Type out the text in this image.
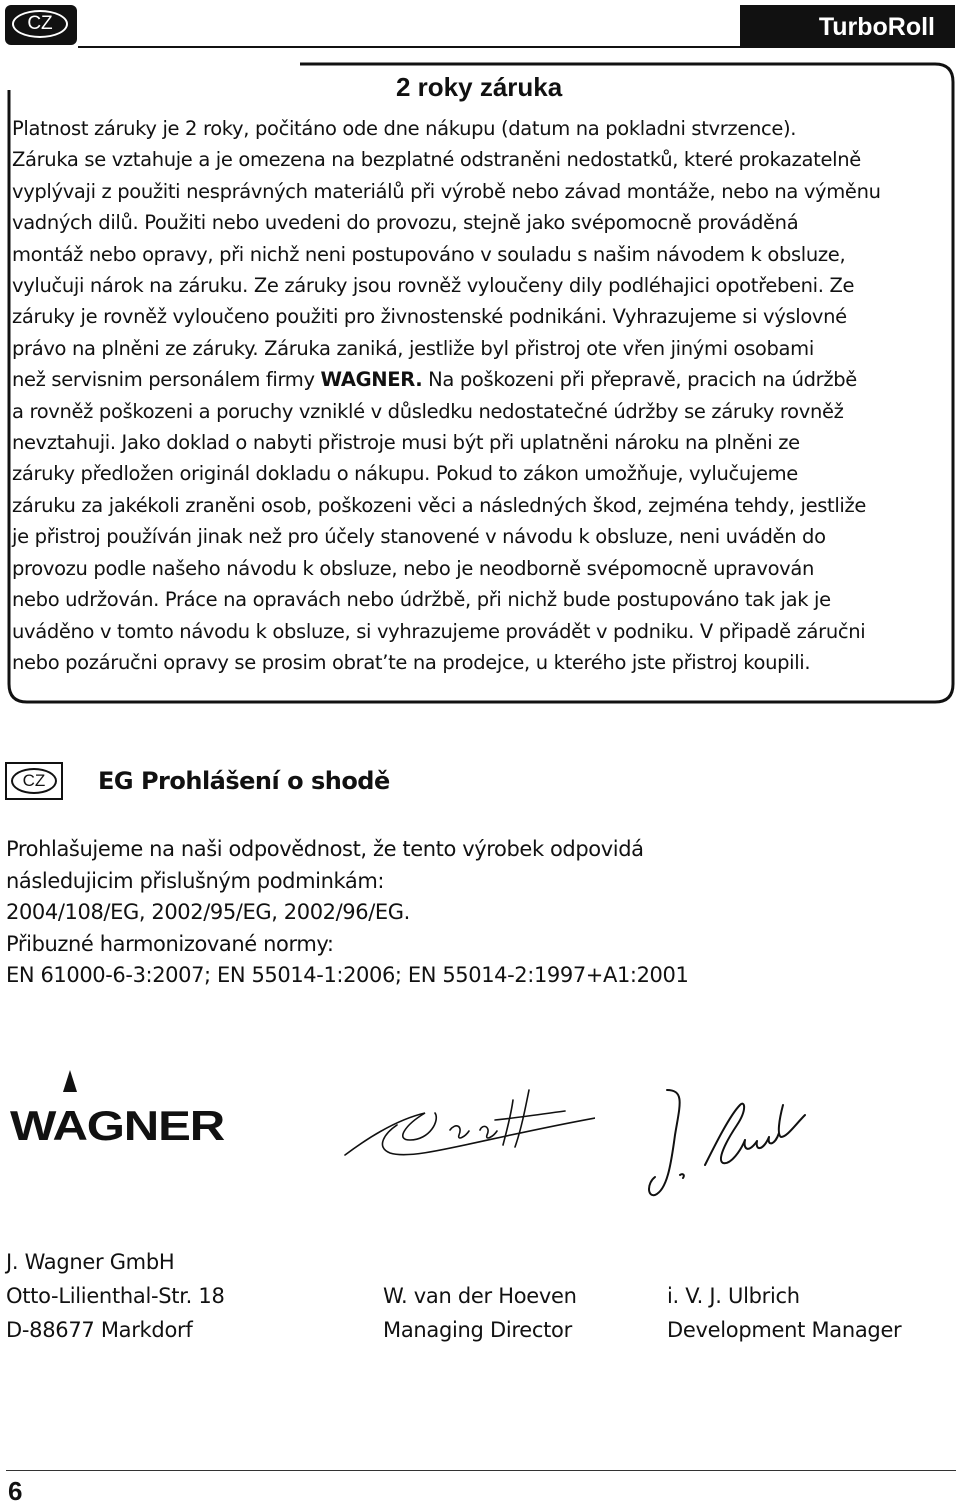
CZ	TurboRoll
2 roky záruka
Platnost záruky je 2 roky, počitáno ode dne nákupu (datum na pokladni stvrzence).
Záruka se vztahuje a je omezena na bezplatné odstraněni nedostatků, které prokazatelně
vyplývaji z použiti nesprávných materiálů při výrobě nebo závad montáže, nebo na výměnu
vadných dilů. Použiti nebo uvedeni do provozu, stejně jako svépomocně prováděná
montáž nebo opravy, při nichž neni postupováno v souladu s našim návodem k obsluze,
vylučuji nárok na záruku. Ze záruky jsou rovněž vyloučeny dily podléhajici opotřebeni. Ze
záruky je rovněž vyloučeno použiti pro živnostenské podnikáni. Vyhrazujeme si výslovné
právo na plněni ze záruky. Záruka zaniká, jestliže byl přistroj ote vřen jinými osobami
než servisnim personálem firmy WAGNER. Na poškozeni při přepravě, pracich na údržbě
a rovněž poškozeni a poruchy vzniklé v důsledku nedostatečné údržby se záruky rovněž
nevztahuji. Jako doklad o nabyti přistroje musi být při uplatněni nároku na plněni ze
záruky předložen originál dokladu o nákupu. Pokud to zákon umožňuje, vylučujeme
záruku za jakékoli zraněni osob, poškozeni věci a následných škod, zejména tehdy, jestliže
je přistroj používán jinak než pro účely stanovené v návodu k obsluze, neni uváděn do
provozu podle našeho návodu k obsluze, nebo je neodborně svépomocně upravován
nebo udržován. Práce na opravách nebo údržbě, při nichž bude postupováno tak jak je
uváděno v tomto návodu k obsluze, si vyhrazujeme provádět v podniku. V připadě záručni
nebo pozáručni opravy se prosim obrat’te na prodejce, u kterého jste přistroj koupili.
CZ	EG Prohlášení o shodě
Prohlašujeme na naši odpovědnost, že tento výrobek odpovidá
následujicim přislušným podminkám:
2004/108/EG, 2002/95/EG, 2002/96/EG.
Přibuzné harmonizované normy:
EN 61000-6-3:2007; EN 55014-1:2006; EN 55014-2:1997+A1:2001
WAGNER
J. Wagner GmbH
Otto-Lilienthal-Str. 18
D-88677 Markdorf
W. van der Hoeven
Managing Director
i. V. J. Ulbrich
Development Manager
6
